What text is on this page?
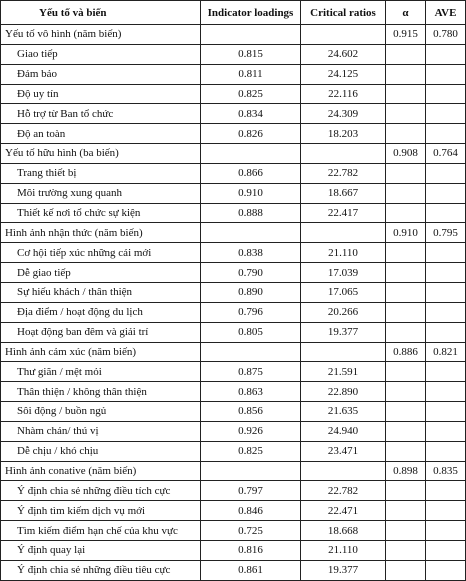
Yếu tố và biến	Indicator loadings	Critical ratios	α	AVE
Yếu tố vô hình (năm biến)			0.915	0.780
Giao tiếp	0.815	24.602		
Đảm bảo	0.811	24.125		
Độ uy tín	0.825	22.116		
Hỗ trợ từ Ban tổ chức	0.834	24.309		
Độ an toàn	0.826	18.203		
Yếu tố hữu hình (ba biến)			0.908	0.764
Trang thiết bị	0.866	22.782		
Môi trường xung quanh	0.910	18.667		
Thiết kế nơi tổ chức sự kiện	0.888	22.417		
Hình ảnh nhận thức (năm biến)			0.910	0.795
Cơ hội tiếp xúc những cái mới	0.838	21.110		
Dễ giao tiếp	0.790	17.039		
Sự hiếu khách / thân thiện	0.890	17.065		
Địa điểm / hoạt động du lịch	0.796	20.266		
Hoạt động ban đêm và giải trí	0.805	19.377		
Hình ảnh cảm xúc (năm biến)			0.886	0.821
Thư giãn / mệt mỏi	0.875	21.591		
Thân thiện / không thân thiện	0.863	22.890		
Sôi động / buồn ngủ	0.856	21.635		
Nhàm chán/ thú vị	0.926	24.940		
Dễ chịu / khó chịu	0.825	23.471		
Hình ảnh conative (năm biến)			0.898	0.835
Ý định chia sẻ những điều tích cực	0.797	22.782		
Ý định tìm kiếm dịch vụ mới	0.846	22.471		
Tìm kiếm điểm hạn chế của khu vực	0.725	18.668		
Ý định quay lại	0.816	21.110		
Ý định chia sẻ những điều tiêu cực	0.861	19.377		
